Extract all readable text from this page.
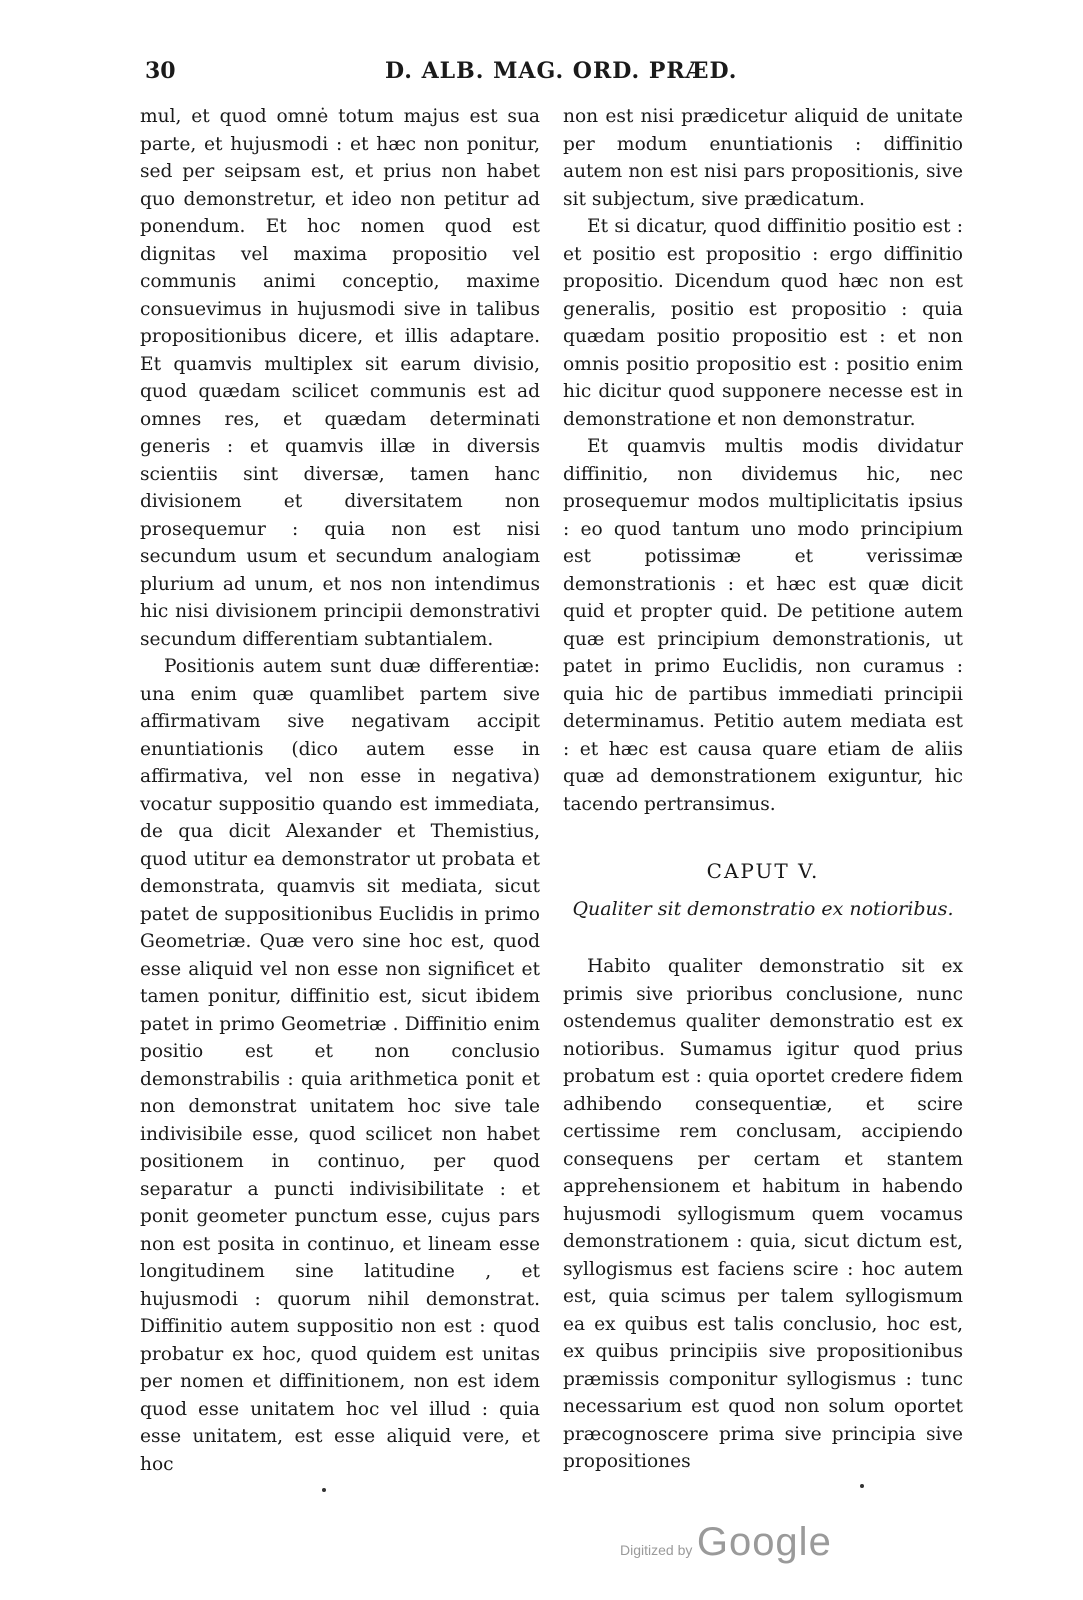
30	D. ALB. MAG. ORD. PRÆD.

mul, et quod omnė totum majus est sua parte, et hujusmodi : et hæc non ponitur, sed per seipsam est, et prius non habet quo demonstretur, et ideo non petitur ad ponendum. Et hoc nomen quod est dignitas vel maxima propositio vel communis animi conceptio, maxime consuevimus in hujusmodi sive in talibus propositionibus dicere, et illis adaptare. Et quamvis multiplex sit earum divisio, quod quædam scilicet communis est ad omnes res, et quædam determinati generis : et quamvis illæ in diversis scientiis sint diversæ, tamen hanc divisionem et diversitatem non prosequemur : quia non est nisi secundum usum et secundum analogiam plurium ad unum, et nos non intendimus hic nisi divisionem principii demonstrativi secundum differentiam subtantialem.

Positionis autem sunt duæ differentiæ: una enim quæ quamlibet partem sive affirmativam sive negativam accipit enuntiationis (dico autem esse in affirmativa, vel non esse in negativa) vocatur suppositio quando est immediata, de qua dicit Alexander et Themistius, quod utitur ea demonstrator ut probata et demonstrata, quamvis sit mediata, sicut patet de suppositionibus Euclidis in primo Geometriæ. Quæ vero sine hoc est, quod esse aliquid vel non esse non significet et tamen ponitur, diffinitio est, sicut ibidem patet in primo Geometriæ . Diffinitio enim positio est et non conclusio demonstrabilis : quia arithmetica ponit et non demonstrat unitatem hoc sive tale indivisibile esse, quod scilicet non habet positionem in continuo, per quod separatur a puncti indivisibilitate : et ponit geometer punctum esse, cujus pars non est posita in continuo, et lineam esse longitudinem sine latitudine , et hujusmodi : quorum nihil demonstrat. Diffinitio autem suppositio non est : quod probatur ex hoc, quod quidem est unitas per nomen et diffinitionem, non est idem quod esse unitatem hoc vel illud : quia esse unitatem, est esse aliquid vere, et hoc

non est nisi prædicetur aliquid de unitate per modum enuntiationis : diffinitio autem non est nisi pars propositionis, sive sit subjectum, sive prædicatum.

Et si dicatur, quod diffinitio positio est : et positio est propositio : ergo diffinitio propositio. Dicendum quod hæc non est generalis, positio est propositio : quia quædam positio propositio est : et non omnis positio propositio est : positio enim hic dicitur quod supponere necesse est in demonstratione et non demonstratur.

Et quamvis multis modis dividatur diffinitio, non dividemus hic, nec prosequemur modos multiplicitatis ipsius : eo quod tantum uno modo principium est potissimæ et verissimæ demonstrationis : et hæc est quæ dicit quid et propter quid. De petitione autem quæ est principium demonstrationis, ut patet in primo Euclidis, non curamus : quia hic de partibus immediati principii determinamus. Petitio autem mediata est : et hæc est causa quare etiam de aliis quæ ad demonstrationem exiguntur, hic tacendo pertransimus.

CAPUT V.
Qualiter sit demonstratio ex notioribus.

Habito qualiter demonstratio sit ex primis sive prioribus conclusione, nunc ostendemus qualiter demonstratio est ex notioribus. Sumamus igitur quod prius probatum est : quia oportet credere fidem adhibendo consequentiæ, et scire certissime rem conclusam, accipiendo consequens per certam et stantem apprehensionem et habitum in habendo hujusmodi syllogismum quem vocamus demonstrationem : quia, sicut dictum est, syllogismus est faciens scire : hoc autem est, quia scimus per talem syllogismum ea ex quibus est talis conclusio, hoc est, ex quibus principiis sive propositionibus præmissis componitur syllogismus : tunc necessarium est quod non solum oportet præcognoscere prima sive principia sive propositiones

Digitized by Google
